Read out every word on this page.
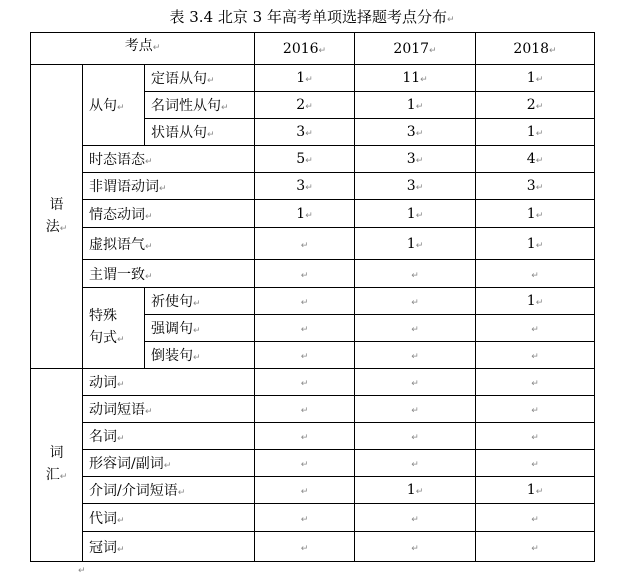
表 3.4 北京 3 年高考单项选择题考点分布 ↵
考点 ↵			2016 ↵	2017 ↵	2018 ↵
语
法 ↵	从句 ↵	定语从句 ↵	1 ↵	11 ↵	1 ↵
		名词性从句 ↵	2 ↵	1 ↵	2 ↵
		状语从句 ↵	3 ↵	3 ↵	1 ↵
	时态语态 ↵		5 ↵	3 ↵	4 ↵
	非谓语动词 ↵		3 ↵	3 ↵	3 ↵
	情态动词 ↵		1 ↵	1 ↵	1 ↵
	虚拟语气 ↵	↵		1 ↵	1 ↵
	主谓一致 ↵	↵	↵	↵
	特殊
句式 ↵	祈使句 ↵	↵	↵	1 ↵
		强调句 ↵	↵	↵	↵
		倒装句 ↵	↵	↵	↵
词
汇 ↵	动词 ↵	↵	↵	↵
	动词短语 ↵	↵	↵	↵
	名词 ↵	↵	↵	↵
	形容词/副词 ↵	↵	↵	↵
	介词/介词短语 ↵	↵		1 ↵	1 ↵
	代词 ↵	↵	↵	↵
	冠词 ↵	↵	↵	↵
↵
